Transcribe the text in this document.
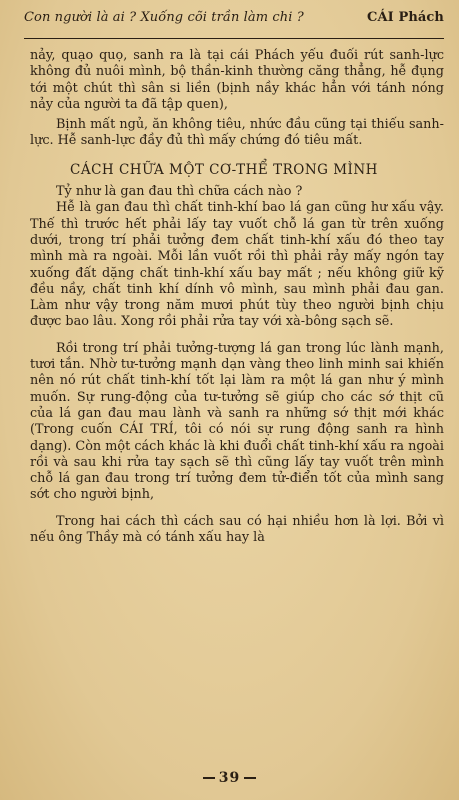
Con người là ai ? Xuống cõi trần làm chi ?	CÁI Phách

nảy, quạo quọ, sanh ra là tại cái Phách yếu đuối rút sanh-lực không đủ nuôi mình, bộ thần-kinh thường căng thẳng, hễ đụng tới một chút thì sân si liền (bịnh nầy khác hẳn với tánh nóng nảy của người ta đã tập quen),

Bịnh mất ngủ, ăn không tiêu, nhức đầu cũng tại thiếu sanh-lực. Hễ sanh-lực đầy đủ thì mấy chứng đó tiêu mất.

CÁCH CHỮA MỘT CƠ-THỂ TRONG MÌNH

Tỷ như là gan đau thì chữa cách nào ?

Hễ là gan đau thì chất tinh-khí bao lá gan cũng hư xấu vậy. Thế thì trước hết phải lấy tay vuốt chỗ lá gan từ trên xuống dưới, trong trí phải tưởng đem chất tinh-khí xấu đó theo tay mình mà ra ngoài. Mỗi lần vuốt rồi thì phải rảy mấy ngón tay xuống đất dặng chất tinh-khí xấu bay mất ; nếu không giữ kỹ đều nầy, chất tinh khí dính vô mình, sau mình phải đau gan. Làm như vậy trong năm mươi phút tùy theo người bịnh chịu được bao lâu. Xong rồi phải rửa tay với xà-bông sạch sẽ.

Rồi trong trí phải tưởng-tượng lá gan trong lúc lành mạnh, tươi tắn. Nhờ tư-tưởng mạnh dạn vàng theo linh minh sai khiến nên nó rút chất tinh-khí tốt lại làm ra một lá gan như ý mình muốn. Sự rung-động của tư-tưởng sẽ giúp cho các sớ thịt cũ của lá gan đau mau lành và sanh ra những sớ thịt mới khác (Trong cuốn CÁI TRÍ, tôi có nói sự rung động sanh ra hình dạng). Còn một cách khác là khi đuổi chất tinh-khí xấu ra ngoài rồi và sau khi rửa tay sạch sẽ thì cũng lấy tay vuốt trên mình chỗ lá gan đau trong trí tưởng đem tử-điển tốt của mình sang sớt cho người bịnh,

Trong hai cách thì cách sau có hại nhiều hơn là lợi. Bởi vì nếu ông Thầy mà có tánh xấu hay là

39
